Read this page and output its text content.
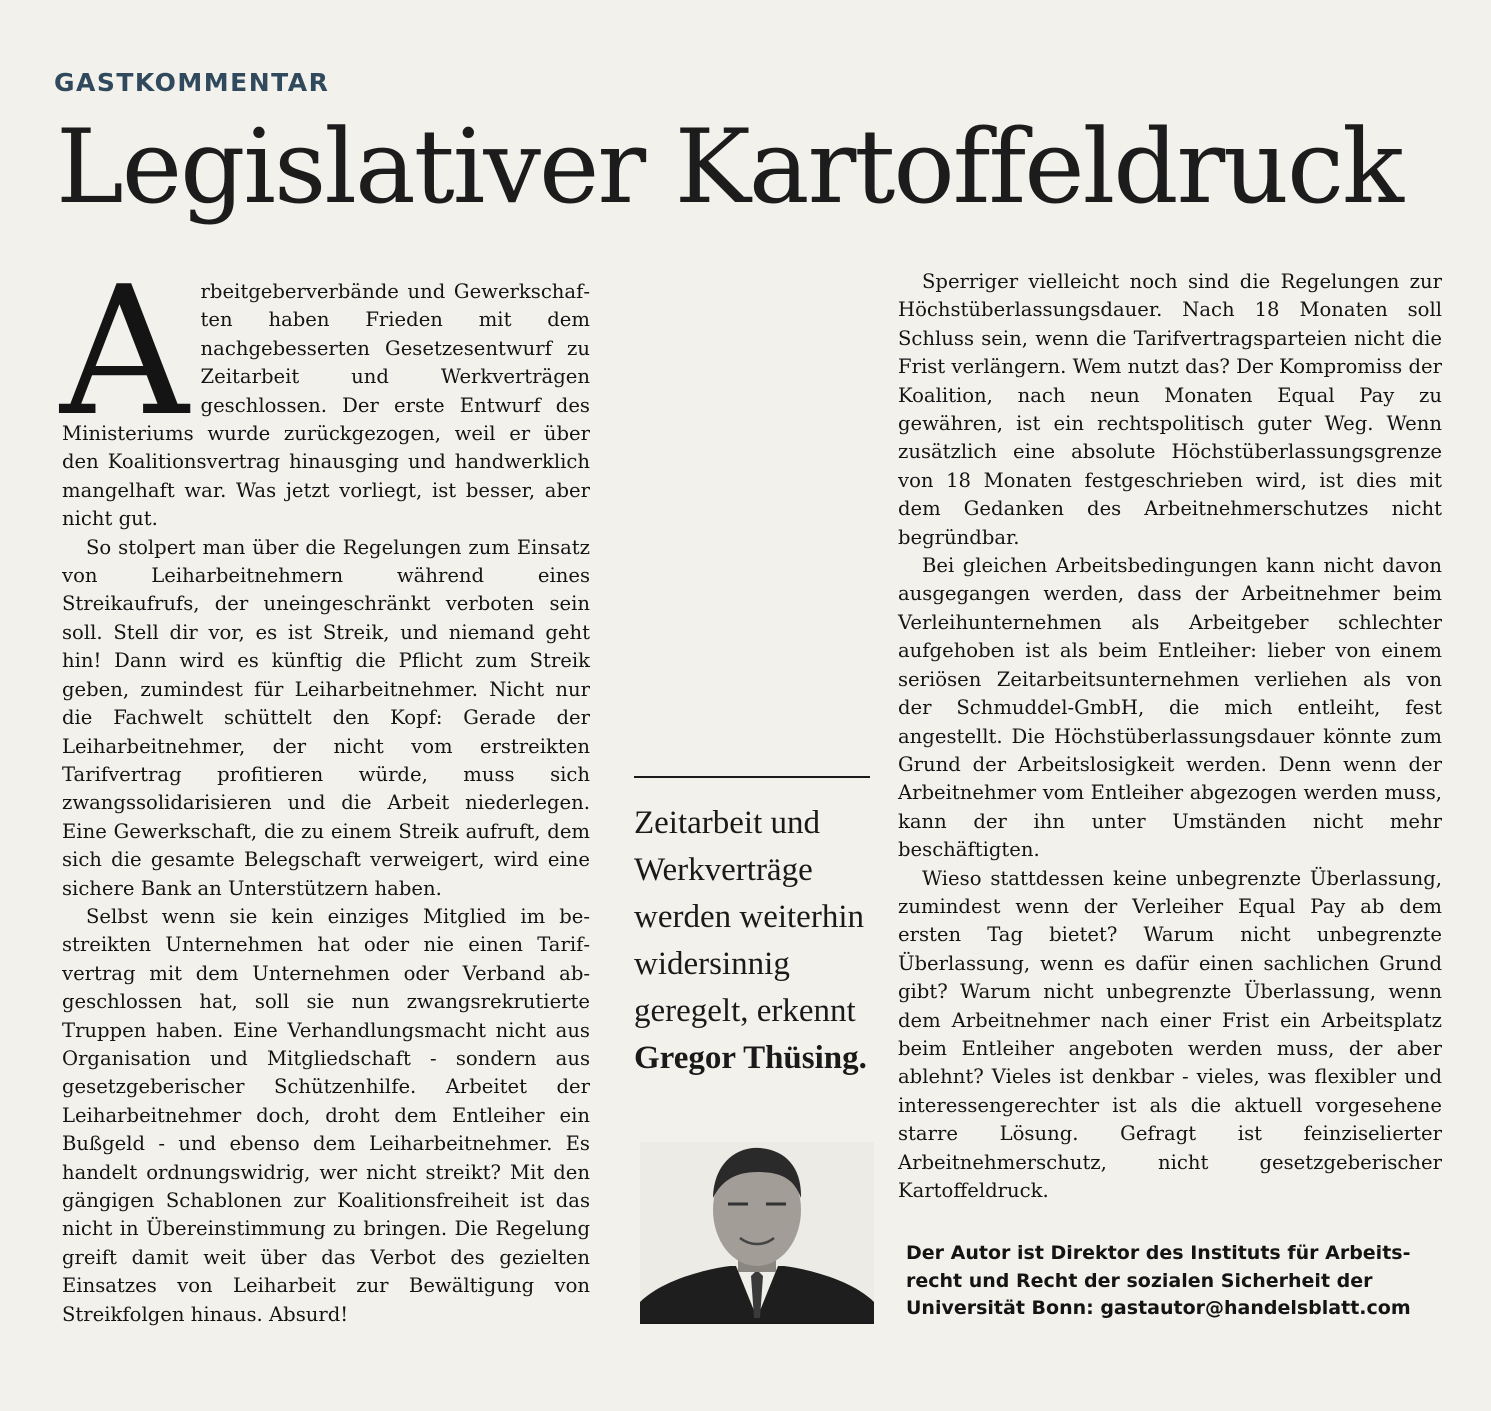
GASTKOMMENTAR
Legislativer Kartoffeldruck

Arbeitgeberverbände und Gewerkschaften haben Frieden mit dem nachgebesserten Gesetzesentwurf zu Zeitarbeit und Werkverträgen geschlossen. Der erste Entwurf des Ministeriums wurde zurückgezogen, weil er über den Koalitionsvertrag hinausging und handwerklich mangelhaft war. Was jetzt vorliegt, ist besser, aber nicht gut.

So stolpert man über die Regelungen zum Einsatz von Leiharbeitnehmern während eines Streikaufrufs, der uneingeschränkt verboten sein soll. Stell dir vor, es ist Streik, und niemand geht hin! Dann wird es künftig die Pflicht zum Streik geben, zumindest für Leiharbeitnehmer. Nicht nur die Fachwelt schüttelt den Kopf: Gerade der Leiharbeitnehmer, der nicht vom erstreikten Tarifvertrag profitieren würde, muss sich zwangssolidarisieren und die Arbeit niederlegen. Eine Gewerkschaft, die zu einem Streik aufruft, dem sich die gesamte Belegschaft verweigert, wird eine sichere Bank an Unterstützern haben.

Selbst wenn sie kein einziges Mitglied im bestreikten Unternehmen hat oder nie einen Tarifvertrag mit dem Unternehmen oder Verband abgeschlossen hat, soll sie nun zwangsrekrutierte Truppen haben. Eine Verhandlungsmacht nicht aus Organisation und Mitgliedschaft - sondern aus gesetzgeberischer Schützenhilfe. Arbeitet der Leiharbeitnehmer doch, droht dem Entleiher ein Bußgeld - und ebenso dem Leiharbeitnehmer. Es handelt ordnungswidrig, wer nicht streikt? Mit den gängigen Schablonen zur Koalitionsfreiheit ist das nicht in Übereinstimmung zu bringen. Die Regelung greift damit weit über das Verbot des gezielten Einsatzes von Leiharbeit zur Bewältigung von Streikfolgen hinaus. Absurd!

Zeitarbeit und Werkverträge werden weiterhin widersinnig geregelt, erkennt
Gregor Thüsing.

Sperriger vielleicht noch sind die Regelungen zur Höchstüberlassungsdauer. Nach 18 Monaten soll Schluss sein, wenn die Tarifvertragsparteien nicht die Frist verlängern. Wem nutzt das? Der Kompromiss der Koalition, nach neun Monaten Equal Pay zu gewähren, ist ein rechtspolitisch guter Weg. Wenn zusätzlich eine absolute Höchstüberlassungsgrenze von 18 Monaten festgeschrieben wird, ist dies mit dem Gedanken des Arbeitnehmerschutzes nicht begründbar.

Bei gleichen Arbeitsbedingungen kann nicht davon ausgegangen werden, dass der Arbeitnehmer beim Verleihunternehmen als Arbeitgeber schlechter aufgehoben ist als beim Entleiher: lieber von einem seriösen Zeitarbeitsunternehmen verliehen als von der Schmuddel-GmbH, die mich entleiht, fest angestellt. Die Höchstüberlassungsdauer könnte zum Grund der Arbeitslosigkeit werden. Denn wenn der Arbeitnehmer vom Entleiher abgezogen werden muss, kann der ihn unter Umständen nicht mehr beschäftigten.

Wieso stattdessen keine unbegrenzte Überlassung, zumindest wenn der Verleiher Equal Pay ab dem ersten Tag bietet? Warum nicht unbegrenzte Überlassung, wenn es dafür einen sachlichen Grund gibt? Warum nicht unbegrenzte Überlassung, wenn dem Arbeitnehmer nach einer Frist ein Arbeitsplatz beim Entleiher angeboten werden muss, der aber ablehnt? Vieles ist denkbar - vieles, was flexibler und interessengerechter ist als die aktuell vorgesehene starre Lösung. Gefragt ist feinziselierter Arbeitnehmerschutz, nicht gesetzgeberischer Kartoffeldruck.

Der Autor ist Direktor des Instituts für Arbeitsrecht und Recht der sozialen Sicherheit der Universität Bonn: gastautor@handelsblatt.com
